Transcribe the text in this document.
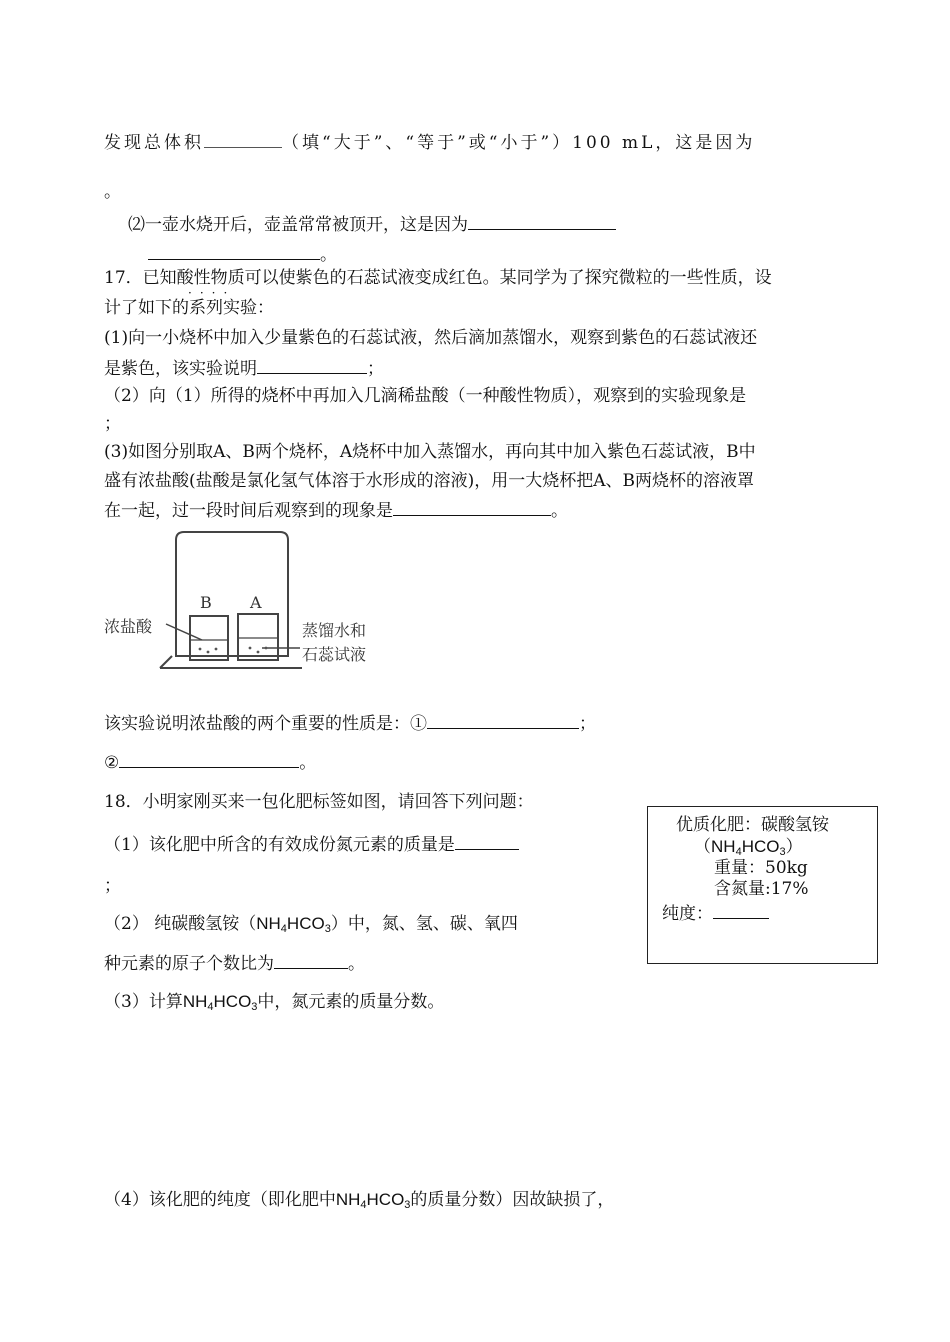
发现总体积	（填“大于”、“等于”或“小于”）100 mL，这是因为
。
⑵一壶水烧开后，壶盖常常被顶开，这是因为
。
17．已知酸性物质可以使紫色的石蕊试液变成红色。某同学为了探究微粒的一些性质，设
····
计了如下的系列实验：
(1)向一小烧杯中加入少量紫色的石蕊试液，然后滴加蒸馏水，观察到紫色的石蕊试液还
是紫色，该实验说明	；
（2）向（1）所得的烧杯中再加入几滴稀盐酸（一种酸性物质），观察到的实验现象是
；
(3)如图分别取A、B两个烧杯，A烧杯中加入蒸馏水，再向其中加入紫色石蕊试液，B中
盛有浓盐酸(盐酸是氯化氢气体溶于水形成的溶液)，用一大烧杯把A、B两烧杯的溶液罩
在一起，过一段时间后观察到的现象是	。
B A
浓盐酸	蒸馏水和
石蕊试液
该实验说明浓盐酸的两个重要的性质是：①	；
②	。
18．小明家刚买来一包化肥标签如图，请回答下列问题：
（1）该化肥中所含的有效成份氮元素的质量是
；
（2） 纯碳酸氢铵$(NH_4HCO_3)$中，氮、氢、碳、氧四
种元素的原子个数比为	。
（3）计算$NH_4HCO_3$中，氮元素的质量分数。
（4）该化肥的纯度（即化肥中$NH_4HCO_3$的质量分数）因故缺损了，
优质化肥：碳酸氢铵
$(NH_4HCO_3)$
重量：50kg
含氮量:17%
纯度：
